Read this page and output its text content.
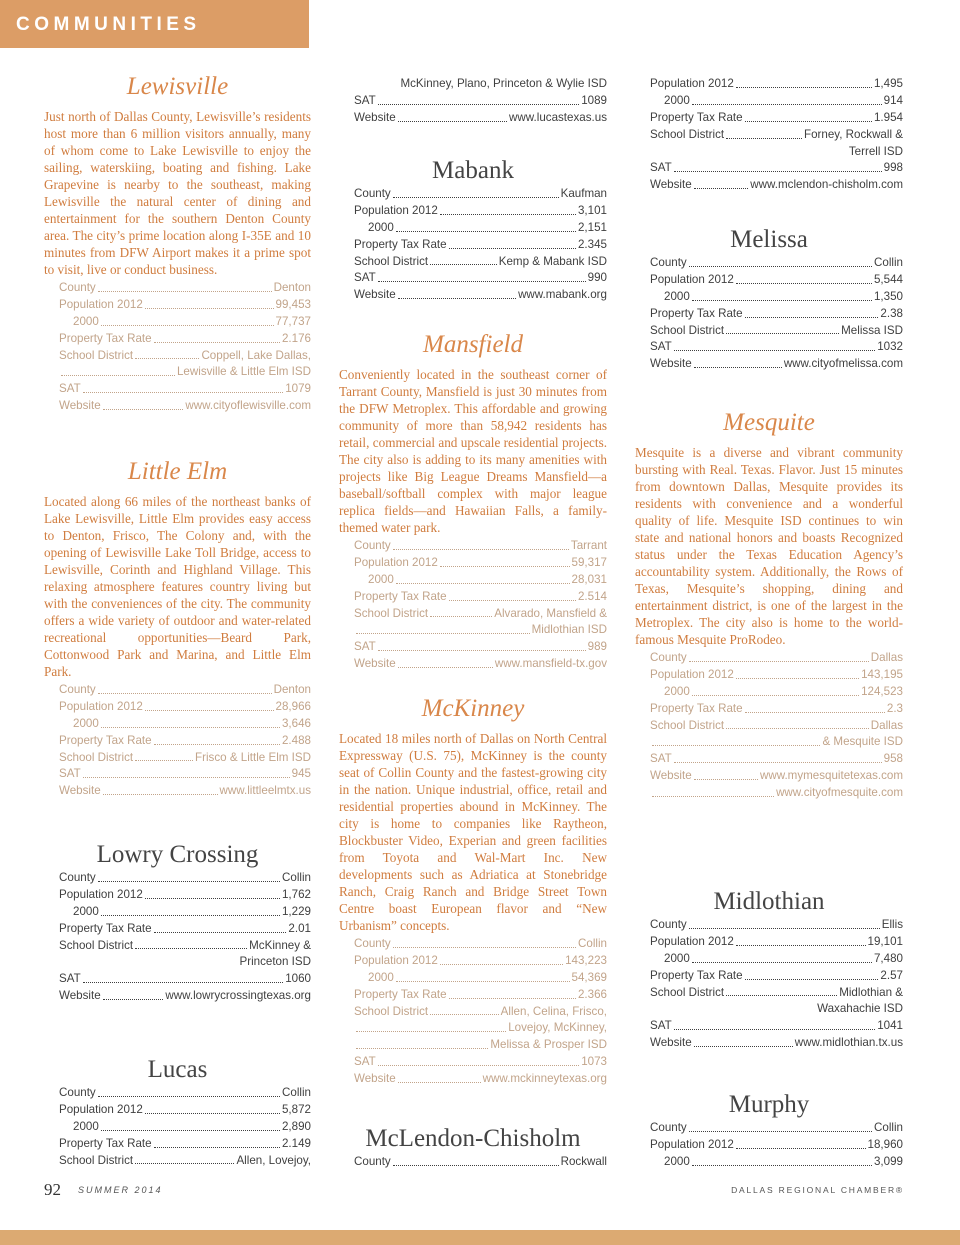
COMMUNITIES
Lewisville

Just north of Dallas County, Lewisville’s residents host more than 6 million visitors annually, many of whom come to Lake Lewisville to enjoy the sailing, waterskiing, boating and fishing. Lake Grapevine is nearby to the southeast, making Lewisville the natural center of dining and entertainment for the southern Denton County area. The city’s prime location along I-35E and 10 minutes from DFW Airport makes it a prime spot to visit, live or conduct business.

County	Denton
Population 2012	99,453
2000	77,737
Property Tax Rate	2.176
School District	Coppell, Lake Dallas,
Lewisville & Little Elm ISD
SAT	1079
Website	www.cityoflewisville.com
Little Elm

Located along 66 miles of the northeast banks of Lake Lewisville, Little Elm provides easy access to Denton, Frisco, The Colony and, with the opening of Lewisville Lake Toll Bridge, access to Lewisville, Corinth and Highland Village. This relaxing atmosphere features country living but with the conveniences of the city. The community offers a wide variety of outdoor and water-related recreational opportunities—Beard Park, Cottonwood Park and Marina, and Little Elm Park.

County	Denton
Population 2012	28,966
2000	3,646
Property Tax Rate	2.488
School District	Frisco & Little Elm ISD
SAT	945
Website	www.littleelmtx.us
Lowry Crossing
County	Collin
Population 2012	1,762
2000	1,229
Property Tax Rate	2.01
School District	McKinney &
Princeton ISD
SAT	1060
Website	www.lowrycrossingtexas.org
Lucas
County	Collin
Population 2012	5,872
2000	2,890
Property Tax Rate	2.149
School District	Allen, Lovejoy,
McKinney, Plano, Princeton & Wylie ISD
SAT	1089
Website	www.lucastexas.us
Mabank
County	Kaufman
Population 2012	3,101
2000	2,151
Property Tax Rate	2.345
School District	Kemp & Mabank ISD
SAT	990
Website	www.mabank.org
Mansfield

Conveniently located in the southeast corner of Tarrant County, Mansfield is just 30 minutes from the DFW Metroplex. This affordable and growing community of more than 58,942 residents has retail, commercial and upscale residential projects. The city also is adding to its many amenities with projects like Big League Dreams Mansfield—a baseball/softball complex with major league replica fields—and Hawaiian Falls, a family-themed water park.

County	Tarrant
Population 2012	59,317
2000	28,031
Property Tax Rate	2.514
School District	Alvarado, Mansfield &
Midlothian ISD
SAT	989
Website	www.mansfield-tx.gov
McKinney

Located 18 miles north of Dallas on North Central Expressway (U.S. 75), McKinney is the county seat of Collin County and the fastest-growing city in the nation. Unique industrial, office, retail and residential properties abound in McKinney. The city is home to companies like Raytheon, Blockbuster Video, Experian and green facilities from Toyota and Wal-Mart Inc. New developments such as Adriatica at Stonebridge Ranch, Craig Ranch and Bridge Street Town Centre boast European flavor and “New Urbanism” concepts.

County	Collin
Population 2012	143,223
2000	54,369
Property Tax Rate	2.366
School District	Allen, Celina, Frisco,
Lovejoy, McKinney,
Melissa & Prosper ISD
SAT	1073
Website	www.mckinneytexas.org
McLendon-Chisholm
County	Rockwall
Population 2012	1,495
2000	914
Property Tax Rate	1.954
School District	Forney, Rockwall &
Terrell ISD
SAT	998
Website	www.mclendon-chisholm.com
Melissa
County	Collin
Population 2012	5,544
2000	1,350
Property Tax Rate	2.38
School District	Melissa ISD
SAT	1032
Website	www.cityofmelissa.com
Mesquite

Mesquite is a diverse and vibrant community bursting with Real. Texas. Flavor. Just 15 minutes from downtown Dallas, Mesquite provides its residents with convenience and a wonderful quality of life. Mesquite ISD continues to win state and national honors and boasts Recognized status under the Texas Education Agency’s accountability system. Additionally, the Rows of Texas, Mesquite’s shopping, dining and entertainment district, is one of the largest in the Metroplex. The city also is home to the world-famous Mesquite ProRodeo.

County	Dallas
Population 2012	143,195
2000	124,523
Property Tax Rate	2.3
School District	Dallas
& Mesquite ISD
SAT	958
Website	www.mymesquitetexas.com
www.cityofmesquite.com
Midlothian
County	Ellis
Population 2012	19,101
2000	7,480
Property Tax Rate	2.57
School District	Midlothian &
Waxahachie ISD
SAT	1041
Website	www.midlothian.tx.us
Murphy
County	Collin
Population 2012	18,960
2000	3,099
92 SUMMER 2014	DALLAS REGIONAL CHAMBER®
